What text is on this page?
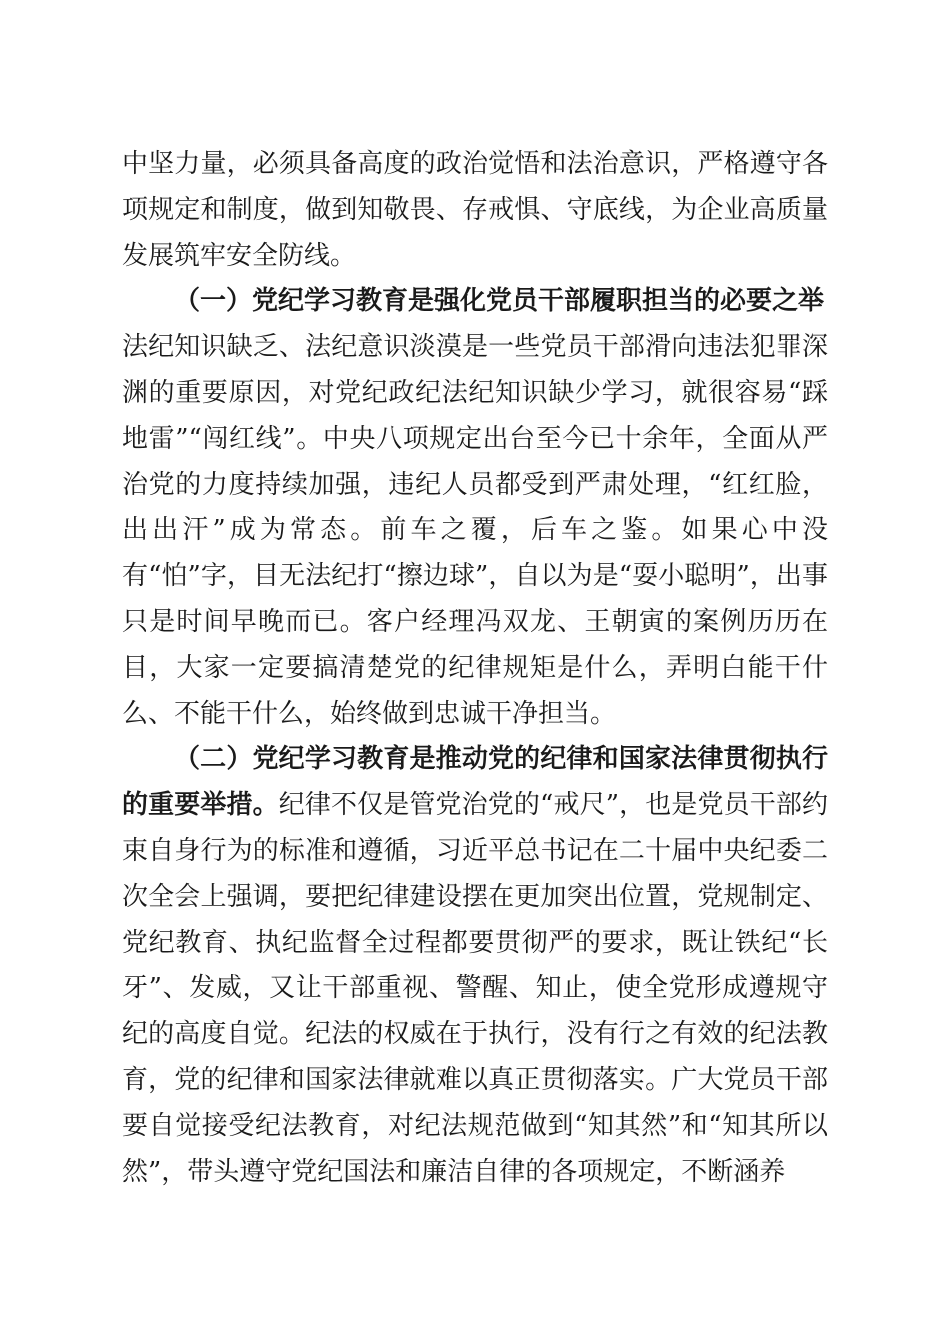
中坚力量，必须具备高度的政治觉悟和法治意识，严格遵守各项规定和制度，做到知敬畏、存戒惧、守底线，为企业高质量发展筑牢安全防线。

（一）党纪学习教育是强化党员干部履职担当的必要之举

法纪知识缺乏、法纪意识淡漠是一些党员干部滑向违法犯罪深渊的重要原因，对党纪政纪法纪知识缺少学习，就很容易“踩地雷”“闯红线”。中央八项规定出台至今已十余年，全面从严治党的力度持续加强，违纪人员都受到严肃处理，“红红脸，出出汗”成为常态。前车之覆，后车之鉴。如果心中没有“怕”字，目无法纪打“擦边球”，自以为是“耍小聪明”，出事只是时间早晚而已。客户经理冯双龙、王朝寅的案例历历在目，大家一定要搞清楚党的纪律规矩是什么，弄明白能干什么、不能干什么，始终做到忠诚干净担当。

（二）党纪学习教育是推动党的纪律和国家法律贯彻执行的重要举措。纪律不仅是管党治党的“戒尺”，也是党员干部约束自身行为的标准和遵循，习近平总书记在二十届中央纪委二次全会上强调，要把纪律建设摆在更加突出位置，党规制定、党纪教育、执纪监督全过程都要贯彻严的要求，既让铁纪“长牙”、发威，又让干部重视、警醒、知止，使全党形成遵规守纪的高度自觉。纪法的权威在于执行，没有行之有效的纪法教育，党的纪律和国家法律就难以真正贯彻落实。广大党员干部要自觉接受纪法教育，对纪法规范做到“知其然”和“知其所以然”，带头遵守党纪国法和廉洁自律的各项规定，不断涵养
